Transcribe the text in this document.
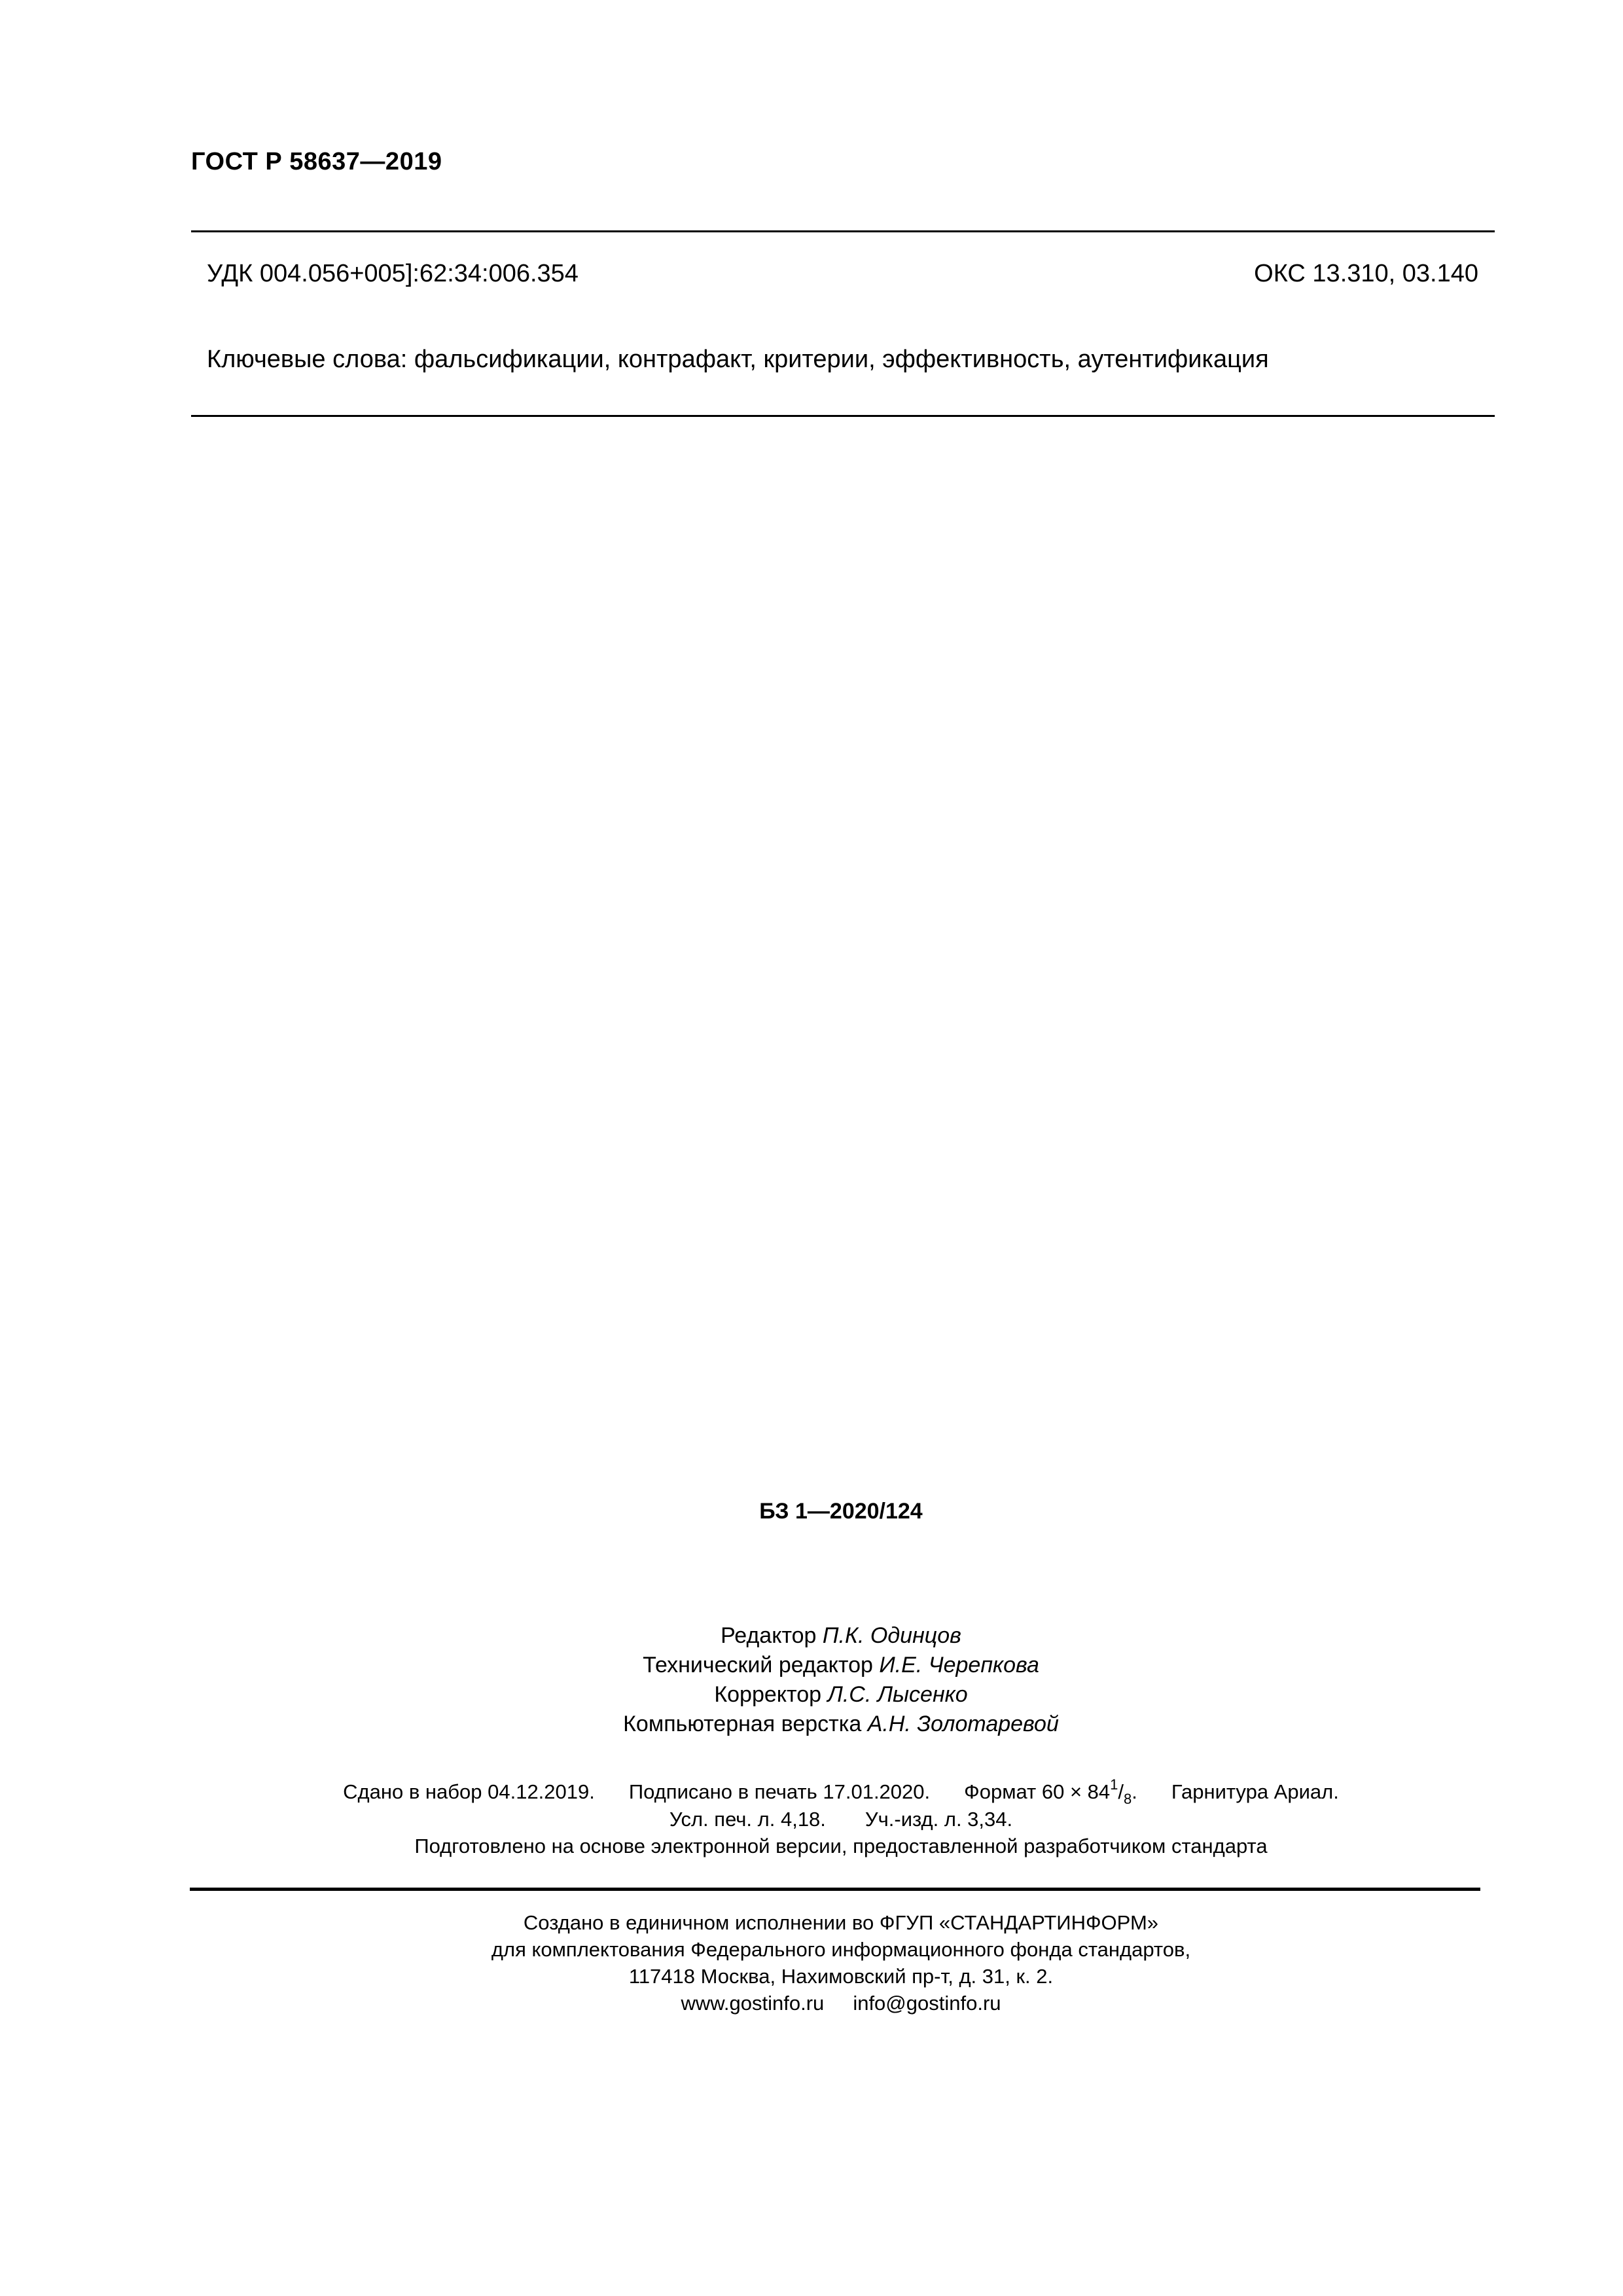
ГОСТ Р 58637—2019
УДК 004.056+005]:62:34:006.354	ОКС 13.310, 03.140
Ключевые слова: фальсификации, контрафакт, критерии, эффективность, аутентификация
БЗ 1—2020/124
Редактор П.К. Одинцов
Технический редактор И.Е. Черепкова
Корректор Л.С. Лысенко
Компьютерная верстка А.Н. Золотаревой
Сдано в набор 04.12.2019. Подписано в печать 17.01.2020. Формат $60 \times 84^1/_8$. Гарнитура Ариал.
Усл. печ. л. 4,18. Уч.-изд. л. 3,34.
Подготовлено на основе электронной версии, предоставленной разработчиком стандарта
Создано в единичном исполнении во ФГУП «СТАНДАРТИНФОРМ»
для комплектования Федерального информационного фонда стандартов,
117418 Москва, Нахимовский пр-т, д. 31, к. 2.
www.gostinfo.ru info@gostinfo.ru
